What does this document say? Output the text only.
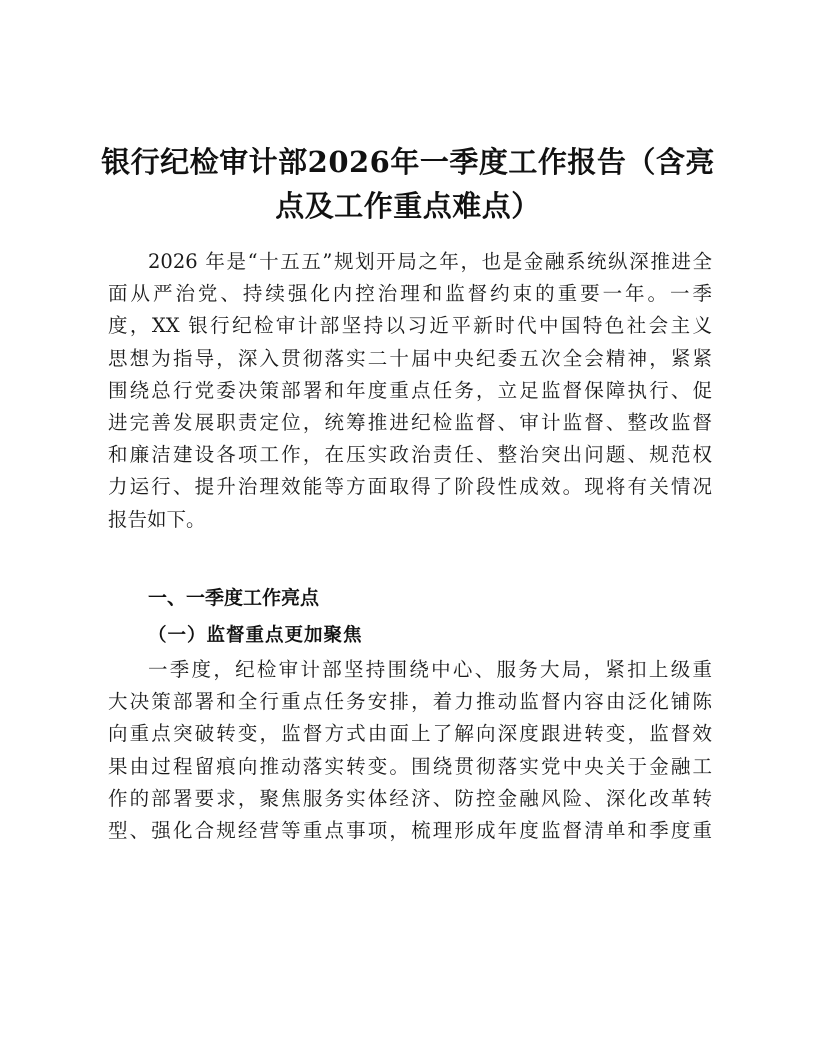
银行纪检审计部2026年一季度工作报告（含亮
点及工作重点难点）
2026 年是“十五五”规划开局之年，也是金融系统纵深推进全
面从严治党、持续强化内控治理和监督约束的重要一年。一季
度，XX 银行纪检审计部坚持以习近平新时代中国特色社会主义
思想为指导，深入贯彻落实二十届中央纪委五次全会精神，紧紧
围绕总行党委决策部署和年度重点任务，立足监督保障执行、促
进完善发展职责定位，统筹推进纪检监督、审计监督、整改监督
和廉洁建设各项工作，在压实政治责任、整治突出问题、规范权
力运行、提升治理效能等方面取得了阶段性成效。现将有关情况
报告如下。
一、一季度工作亮点
（一）监督重点更加聚焦
一季度，纪检审计部坚持围绕中心、服务大局，紧扣上级重
大决策部署和全行重点任务安排，着力推动监督内容由泛化铺陈
向重点突破转变，监督方式由面上了解向深度跟进转变，监督效
果由过程留痕向推动落实转变。围绕贯彻落实党中央关于金融工
作的部署要求，聚焦服务实体经济、防控金融风险、深化改革转
型、强化合规经营等重点事项，梳理形成年度监督清单和季度重
